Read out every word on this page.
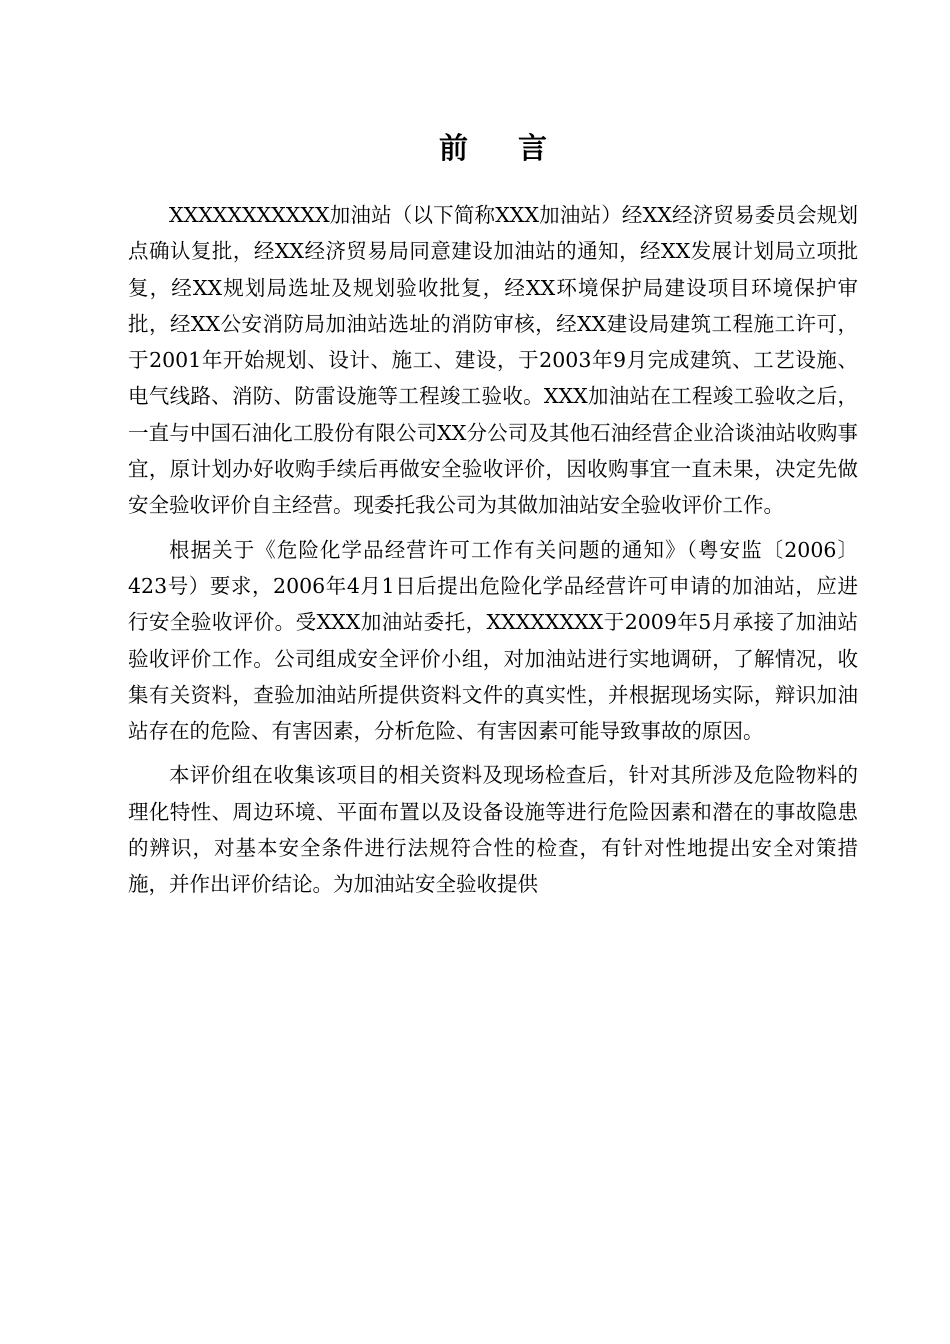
前 言

XXXXXXXXXXX加油站（以下简称XXX加油站）经XX经济贸易委员会规划点确认复批，经XX经济贸易局同意建设加油站的通知，经XX发展计划局立项批复，经XX规划局选址及规划验收批复，经XX环境保护局建设项目环境保护审批，经XX公安消防局加油站选址的消防审核，经XX建设局建筑工程施工许可，于2001年开始规划、设计、施工、建设，于2003年9月完成建筑、工艺设施、电气线路、消防、防雷设施等工程竣工验收。XXX加油站在工程竣工验收之后，一直与中国石油化工股份有限公司XX分公司及其他石油经营企业洽谈油站收购事宜，原计划办好收购手续后再做安全验收评价，因收购事宜一直未果，决定先做安全验收评价自主经营。现委托我公司为其做加油站安全验收评价工作。

根据关于《危险化学品经营许可工作有关问题的通知》（粤安监〔2006〕423号）要求，2006年4月1日后提出危险化学品经营许可申请的加油站，应进行安全验收评价。受XXX加油站委托，XXXXXXXX于2009年5月承接了加油站验收评价工作。公司组成安全评价小组，对加油站进行实地调研，了解情况，收集有关资料，查验加油站所提供资料文件的真实性，并根据现场实际，辩识加油站存在的危险、有害因素，分析危险、有害因素可能导致事故的原因。

本评价组在收集该项目的相关资料及现场检查后，针对其所涉及危险物料的理化特性、周边环境、平面布置以及设备设施等进行危险因素和潜在的事故隐患的辨识，对基本安全条件进行法规符合性的检查，有针对性地提出安全对策措施，并作出评价结论。为加油站安全验收提供
